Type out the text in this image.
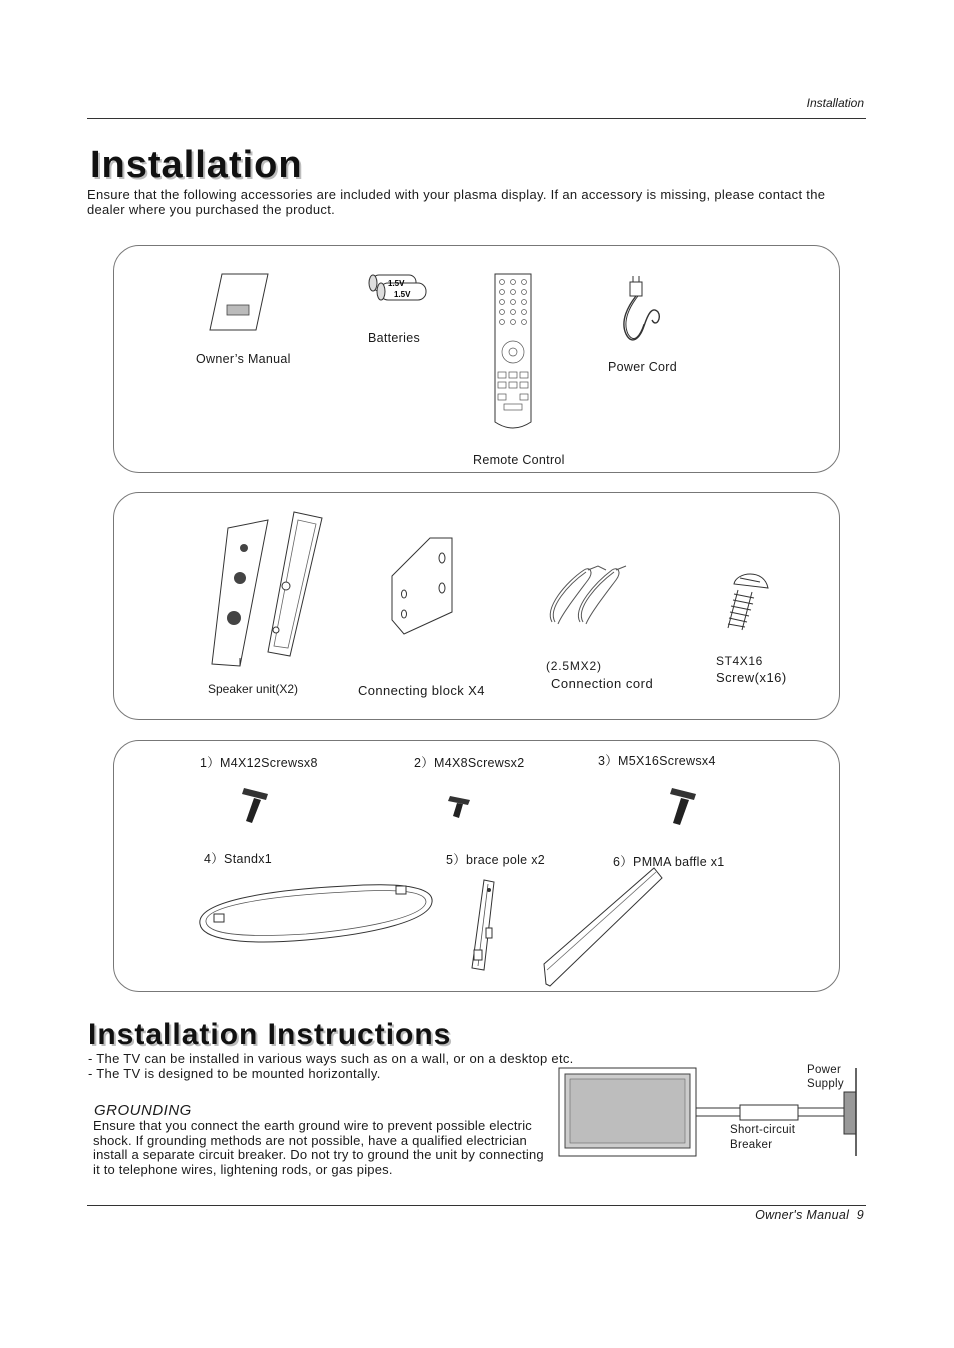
Installation
Installation
Ensure that the following accessories are included with your plasma display. If an accessory is missing, please contact the dealer where you purchased the product.
Owner’s Manual
1.5V
1.5V
Batteries
Remote Control
Power Cord
Speaker unit(X2)	Connecting block X4
(2.5MX2)
Connection cord
ST4X16
Screw(x16)
1）M4X12Screwsx8	2）M4X8Screwsx2	3）M5X16Screwsx4
4）Standx1	5）brace pole x2	6）PMMA baffle x1
Installation Instructions
- The TV can be installed in various ways such as on a wall, or on a desktop etc.
- The TV is designed to be mounted horizontally.
GROUNDING
Ensure that you connect the earth ground wire to prevent possible electric shock. If grounding methods are not possible, have a qualified electrician install a separate circuit breaker. Do not try to ground the unit by connecting it to telephone wires, lightening rods, or gas pipes.
Power
Supply
Short-circuit
Breaker
Owner's Manual 9
